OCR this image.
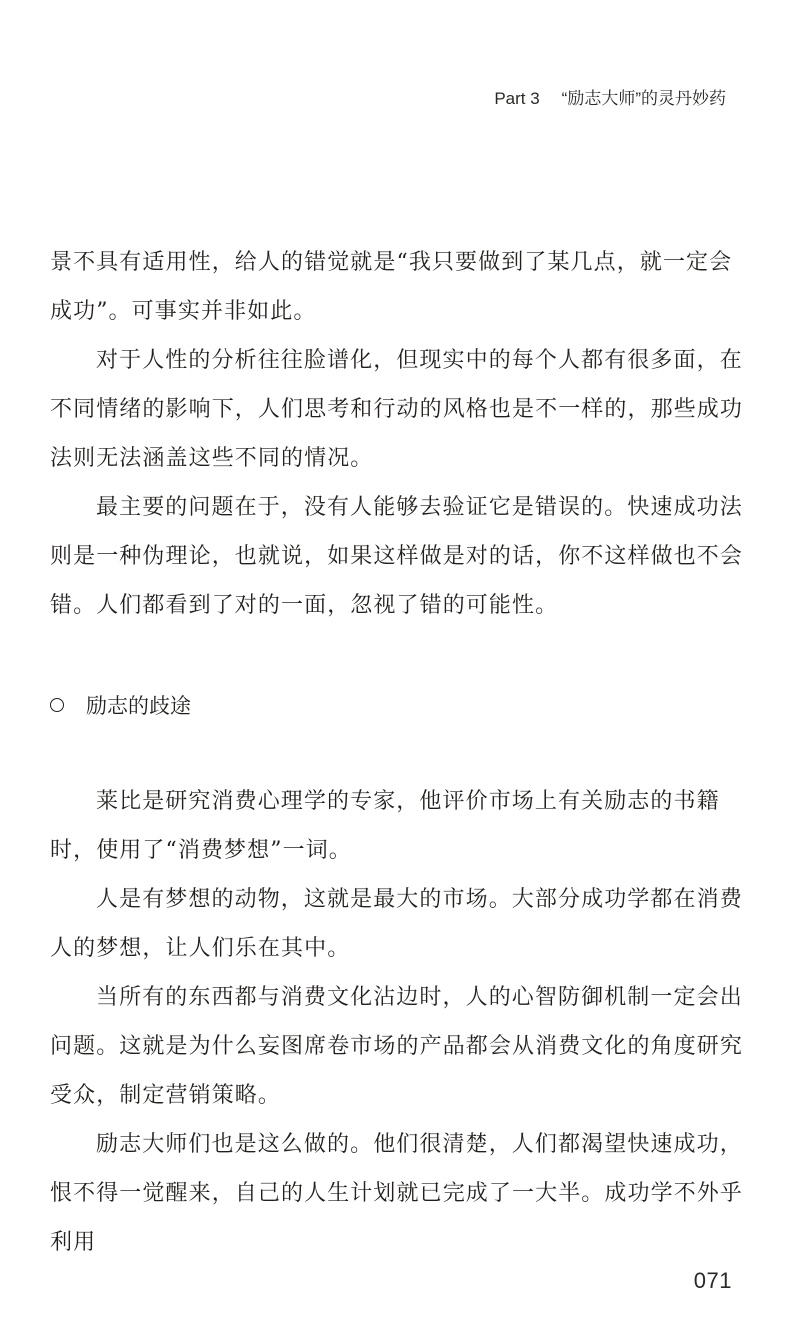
Part 3 “励志大师”的灵丹妙药

景不具有适用性，给人的错觉就是“我只要做到了某几点，就一定会成功”。可事实并非如此。

对于人性的分析往往脸谱化，但现实中的每个人都有很多面，在不同情绪的影响下，人们思考和行动的风格也是不一样的，那些成功法则无法涵盖这些不同的情况。

最主要的问题在于，没有人能够去验证它是错误的。快速成功法则是一种伪理论，也就说，如果这样做是对的话，你不这样做也不会错。人们都看到了对的一面，忽视了错的可能性。

励志的歧途

莱比是研究消费心理学的专家，他评价市场上有关励志的书籍时，使用了“消费梦想”一词。

人是有梦想的动物，这就是最大的市场。大部分成功学都在消费人的梦想，让人们乐在其中。

当所有的东西都与消费文化沾边时，人的心智防御机制一定会出问题。这就是为什么妄图席卷市场的产品都会从消费文化的角度研究受众，制定营销策略。

励志大师们也是这么做的。他们很清楚，人们都渴望快速成功，恨不得一觉醒来，自己的人生计划就已完成了一大半。成功学不外乎利用

071
